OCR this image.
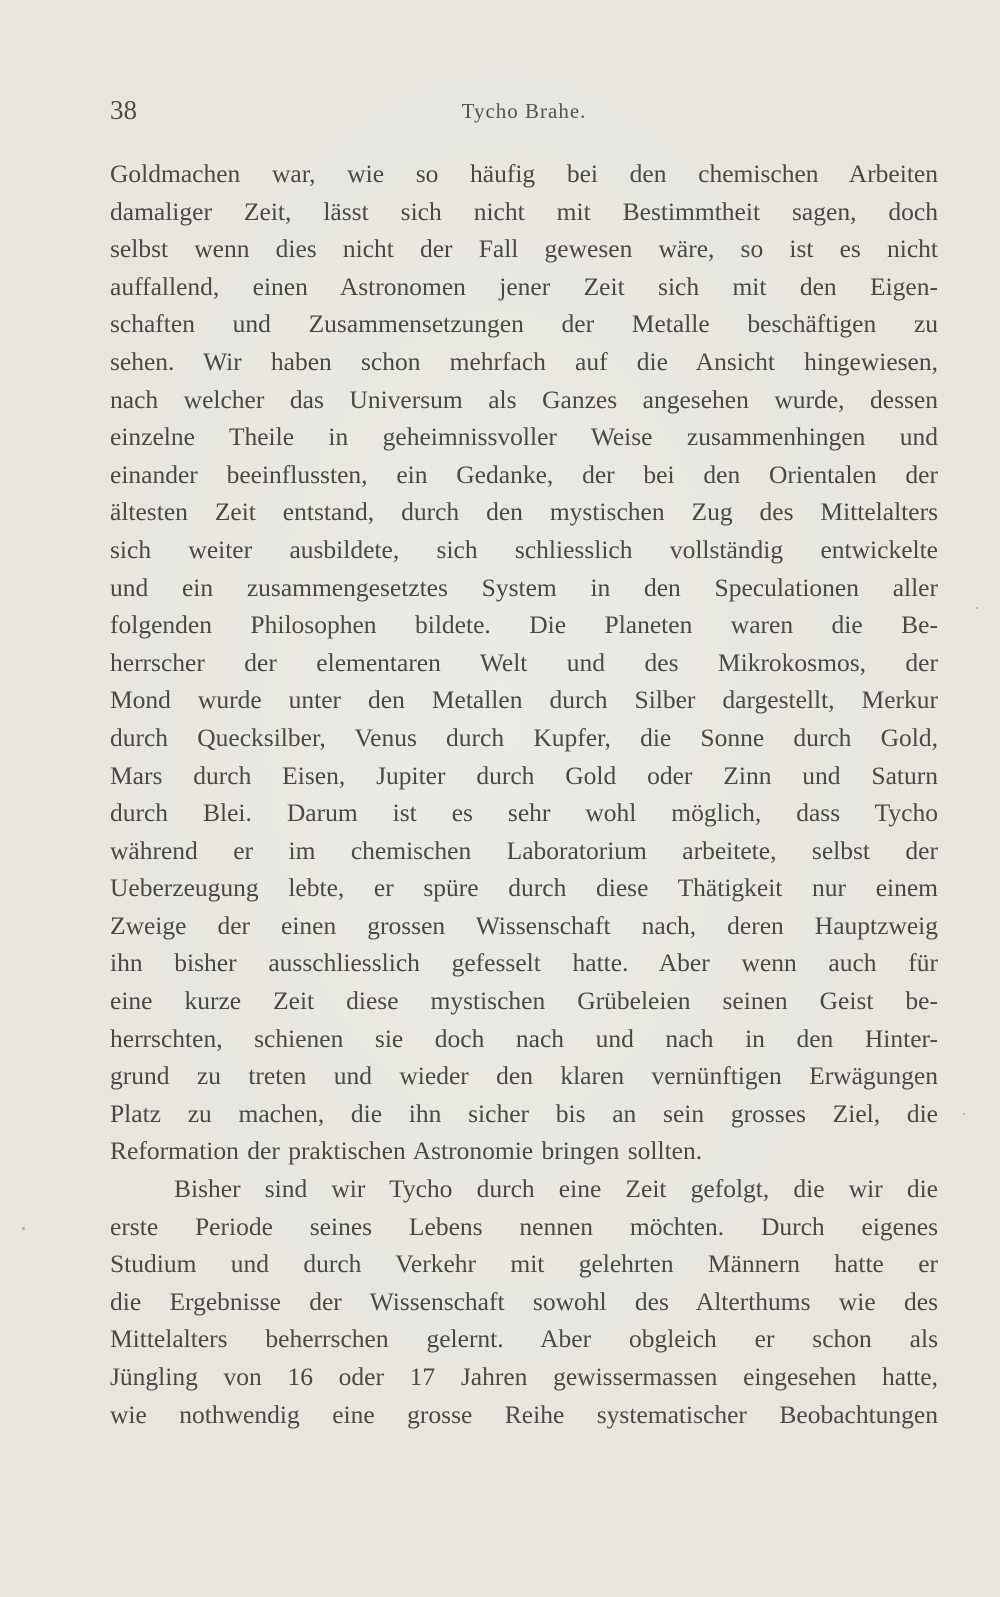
38	Tycho Brahe.
Goldmachen war, wie so häufig bei den chemischen Arbeiten
damaliger Zeit, lässt sich nicht mit Bestimmtheit sagen, doch
selbst wenn dies nicht der Fall gewesen wäre, so ist es nicht
auffallend, einen Astronomen jener Zeit sich mit den Eigen-
schaften und Zusammensetzungen der Metalle beschäftigen zu
sehen. Wir haben schon mehrfach auf die Ansicht hingewiesen,
nach welcher das Universum als Ganzes angesehen wurde, dessen
einzelne Theile in geheimnissvoller Weise zusammenhingen und
einander beeinflussten, ein Gedanke, der bei den Orientalen der
ältesten Zeit entstand, durch den mystischen Zug des Mittelalters
sich weiter ausbildete, sich schliesslich vollständig entwickelte
und ein zusammengesetztes System in den Speculationen aller
folgenden Philosophen bildete. Die Planeten waren die Be-
herrscher der elementaren Welt und des Mikrokosmos, der
Mond wurde unter den Metallen durch Silber dargestellt, Merkur
durch Quecksilber, Venus durch Kupfer, die Sonne durch Gold,
Mars durch Eisen, Jupiter durch Gold oder Zinn und Saturn
durch Blei. Darum ist es sehr wohl möglich, dass Tycho
während er im chemischen Laboratorium arbeitete, selbst der
Ueberzeugung lebte, er spüre durch diese Thätigkeit nur einem
Zweige der einen grossen Wissenschaft nach, deren Hauptzweig
ihn bisher ausschliesslich gefesselt hatte. Aber wenn auch für
eine kurze Zeit diese mystischen Grübeleien seinen Geist be-
herrschten, schienen sie doch nach und nach in den Hinter-
grund zu treten und wieder den klaren vernünftigen Erwägungen
Platz zu machen, die ihn sicher bis an sein grosses Ziel, die
Reformation der praktischen Astronomie bringen sollten.
Bisher sind wir Tycho durch eine Zeit gefolgt, die wir die
erste Periode seines Lebens nennen möchten. Durch eigenes
Studium und durch Verkehr mit gelehrten Männern hatte er
die Ergebnisse der Wissenschaft sowohl des Alterthums wie des
Mittelalters beherrschen gelernt. Aber obgleich er schon als
Jüngling von 16 oder 17 Jahren gewissermassen eingesehen hatte,
wie nothwendig eine grosse Reihe systematischer Beobachtungen
